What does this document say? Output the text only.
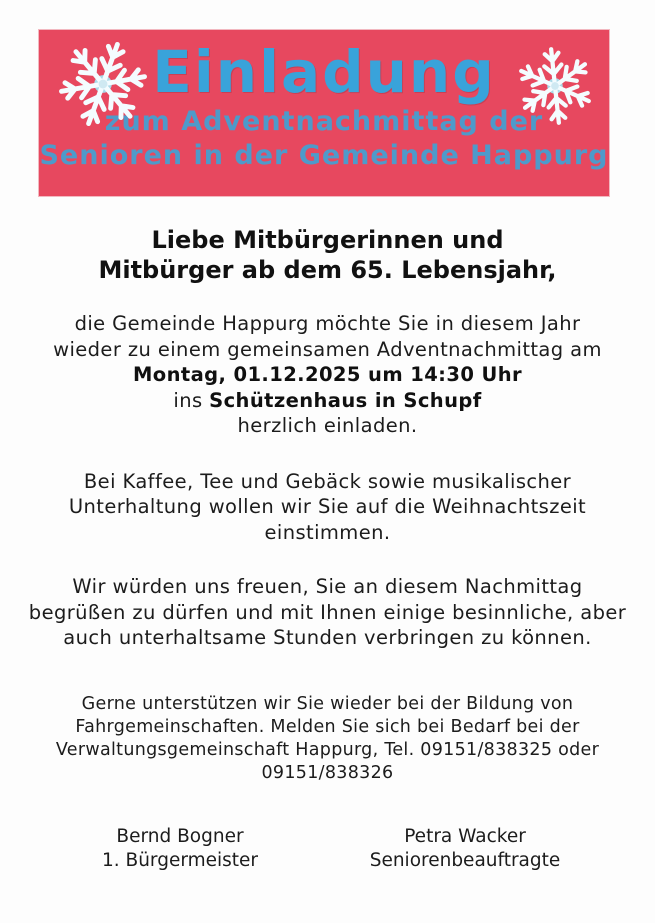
Einladung
zum Adventnachmittag der
Senioren in der Gemeinde Happurg
Liebe Mitbürgerinnen und
Mitbürger ab dem 65. Lebensjahr,
die Gemeinde Happurg möchte Sie in diesem Jahr
wieder zu einem gemeinsamen Adventnachmittag am
Montag, 01.12.2025 um 14:30 Uhr
ins Schützenhaus in Schupf
herzlich einladen.
Bei Kaffee, Tee und Gebäck sowie musikalischer
Unterhaltung wollen wir Sie auf die Weihnachtszeit
einstimmen.
Wir würden uns freuen, Sie an diesem Nachmittag
begrüßen zu dürfen und mit Ihnen einige besinnliche, aber
auch unterhaltsame Stunden verbringen zu können.
Gerne unterstützen wir Sie wieder bei der Bildung von
Fahrgemeinschaften. Melden Sie sich bei Bedarf bei der
Verwaltungsgemeinschaft Happurg, Tel. 09151/838325 oder
09151/838326
Bernd Bogner
1. Bürgermeister
Petra Wacker
Seniorenbeauftragte
